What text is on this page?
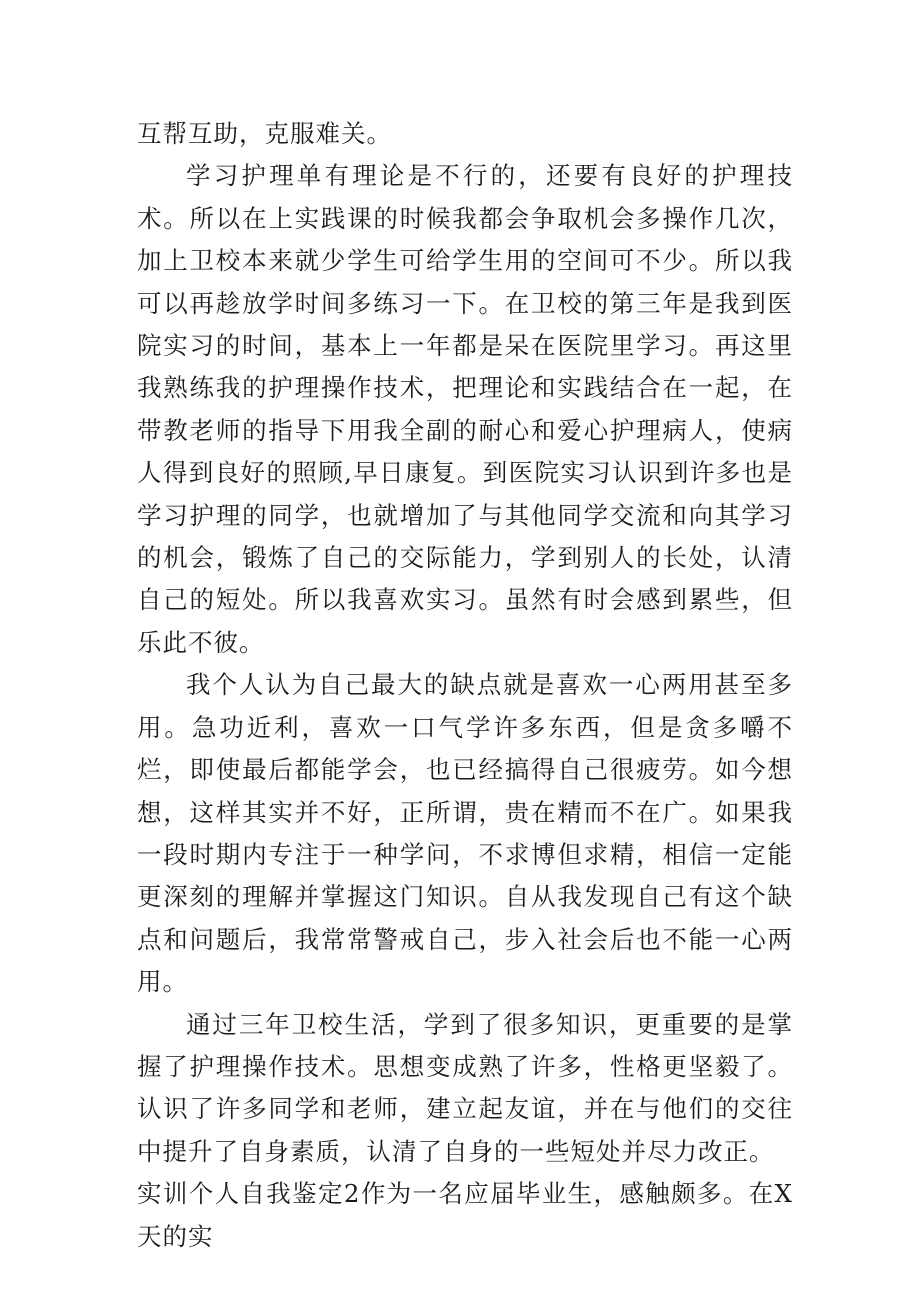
互帮互助，克服难关。

学习护理单有理论是不行的，还要有良好的护理技术。所以在上实践课的时候我都会争取机会多操作几次，加上卫校本来就少学生可给学生用的空间可不少。所以我可以再趁放学时间多练习一下。在卫校的第三年是我到医院实习的时间，基本上一年都是呆在医院里学习。再这里我熟练我的护理操作技术，把理论和实践结合在一起，在带教老师的指导下用我全副的耐心和爱心护理病人，使病人得到良好的照顾,早日康复。到医院实习认识到许多也是学习护理的同学，也就增加了与其他同学交流和向其学习的机会，锻炼了自己的交际能力，学到别人的长处，认清自己的短处。所以我喜欢实习。虽然有时会感到累些，但乐此不彼。

我个人认为自己最大的缺点就是喜欢一心两用甚至多用。急功近利，喜欢一口气学许多东西，但是贪多嚼不烂，即使最后都能学会，也已经搞得自己很疲劳。如今想想，这样其实并不好，正所谓，贵在精而不在广。如果我一段时期内专注于一种学问，不求博但求精，相信一定能更深刻的理解并掌握这门知识。自从我发现自己有这个缺点和问题后，我常常警戒自己，步入社会后也不能一心两用。

通过三年卫校生活，学到了很多知识，更重要的是掌握了护理操作技术。思想变成熟了许多，性格更坚毅了。认识了许多同学和老师，建立起友谊，并在与他们的交往中提升了自身素质，认清了自身的一些短处并尽力改正。

实训个人自我鉴定2作为一名应届毕业生，感触颇多。在X天的实
